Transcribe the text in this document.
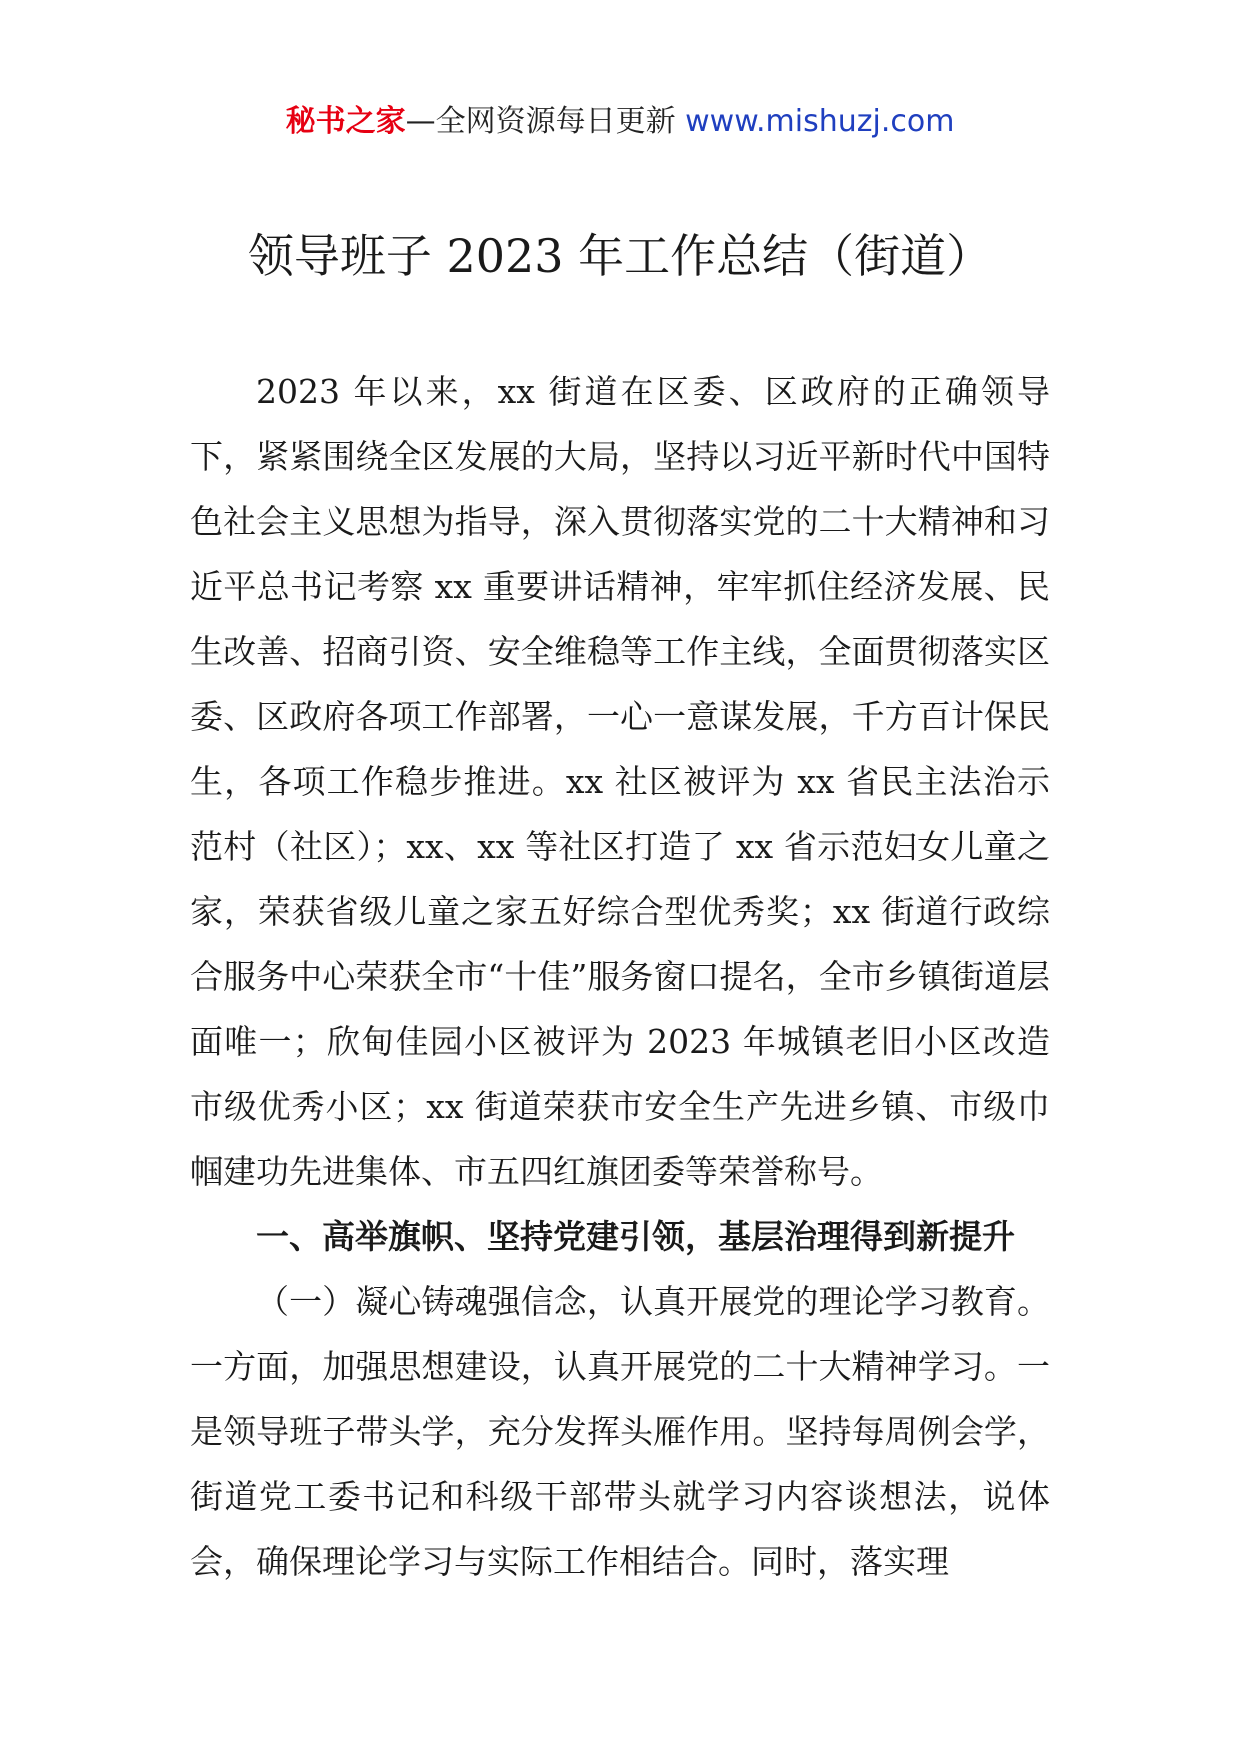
秘书之家—全网资源每日更新 www.mishuzj.com
领导班子 2023 年工作总结（街道）

2023 年以来，xx 街道在区委、区政府的正确领导下，紧紧围绕全区发展的大局，坚持以习近平新时代中国特色社会主义思想为指导，深入贯彻落实党的二十大精神和习近平总书记考察 xx 重要讲话精神，牢牢抓住经济发展、民生改善、招商引资、安全维稳等工作主线，全面贯彻落实区委、区政府各项工作部署，一心一意谋发展，千方百计保民生，各项工作稳步推进。xx 社区被评为 xx 省民主法治示范村（社区）；xx、xx 等社区打造了 xx 省示范妇女儿童之家，荣获省级儿童之家五好综合型优秀奖；xx 街道行政综合服务中心荣获全市“十佳”服务窗口提名，全市乡镇街道层面唯一；欣甸佳园小区被评为 2023 年城镇老旧小区改造市级优秀小区；xx 街道荣获市安全生产先进乡镇、市级巾帼建功先进集体、市五四红旗团委等荣誉称号。

一、高举旗帜、坚持党建引领，基层治理得到新提升

（一）凝心铸魂强信念，认真开展党的理论学习教育。一方面，加强思想建设，认真开展党的二十大精神学习。一是领导班子带头学，充分发挥头雁作用。坚持每周例会学，街道党工委书记和科级干部带头就学习内容谈想法，说体会，确保理论学习与实际工作相结合。同时，落实理
